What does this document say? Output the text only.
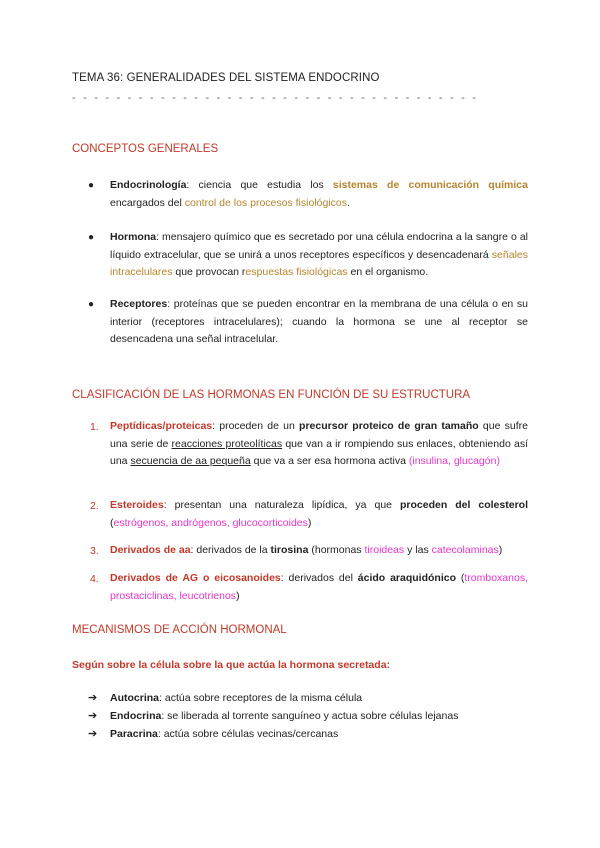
TEMA 36: GENERALIDADES DEL SISTEMA ENDOCRINO
- - - - - - - - - - - - - - - - - - - - - - - - - - - - - - - - - - - - -
CONCEPTOS GENERALES
● Endocrinología: ciencia que estudia los sistemas de comunicación química encargados del control de los procesos fisiológicos.
● Hormona: mensajero químico que es secretado por una célula endocrina a la sangre o al líquido extracelular, que se unirá a unos receptores específicos y desencadenará señales intracelulares que provocan respuestas fisiológicas en el organismo.
● Receptores: proteínas que se pueden encontrar en la membrana de una célula o en su interior (receptores intracelulares); cuando la hormona se une al receptor se desencadena una señal intracelular.
CLASIFICACIÓN DE LAS HORMONAS EN FUNCIÓN DE SU ESTRUCTURA
1. Peptídicas/proteicas: proceden de un precursor proteico de gran tamaño que sufre una serie de reacciones proteolíticas que van a ir rompiendo sus enlaces, obteniendo así una secuencia de aa pequeña que va a ser esa hormona activa (insulina, glucagón)
2. Esteroides: presentan una naturaleza lipídica, ya que proceden del colesterol (estrógenos, andrógenos, glucocorticoides)
3. Derivados de aa: derivados de la tirosina (hormonas tiroideas y las catecolaminas)
4. Derivados de AG o eicosanoides: derivados del ácido araquidónico (tromboxanos, prostaciclinas, leucotrienos)
MECANISMOS DE ACCIÓN HORMONAL
Según sobre la célula sobre la que actúa la hormona secretada:
➔ Autocrina: actúa sobre receptores de la misma célula
➔ Endocrina: se liberada al torrente sanguíneo y actua sobre células lejanas
➔ Paracrina: actúa sobre células vecinas/cercanas
